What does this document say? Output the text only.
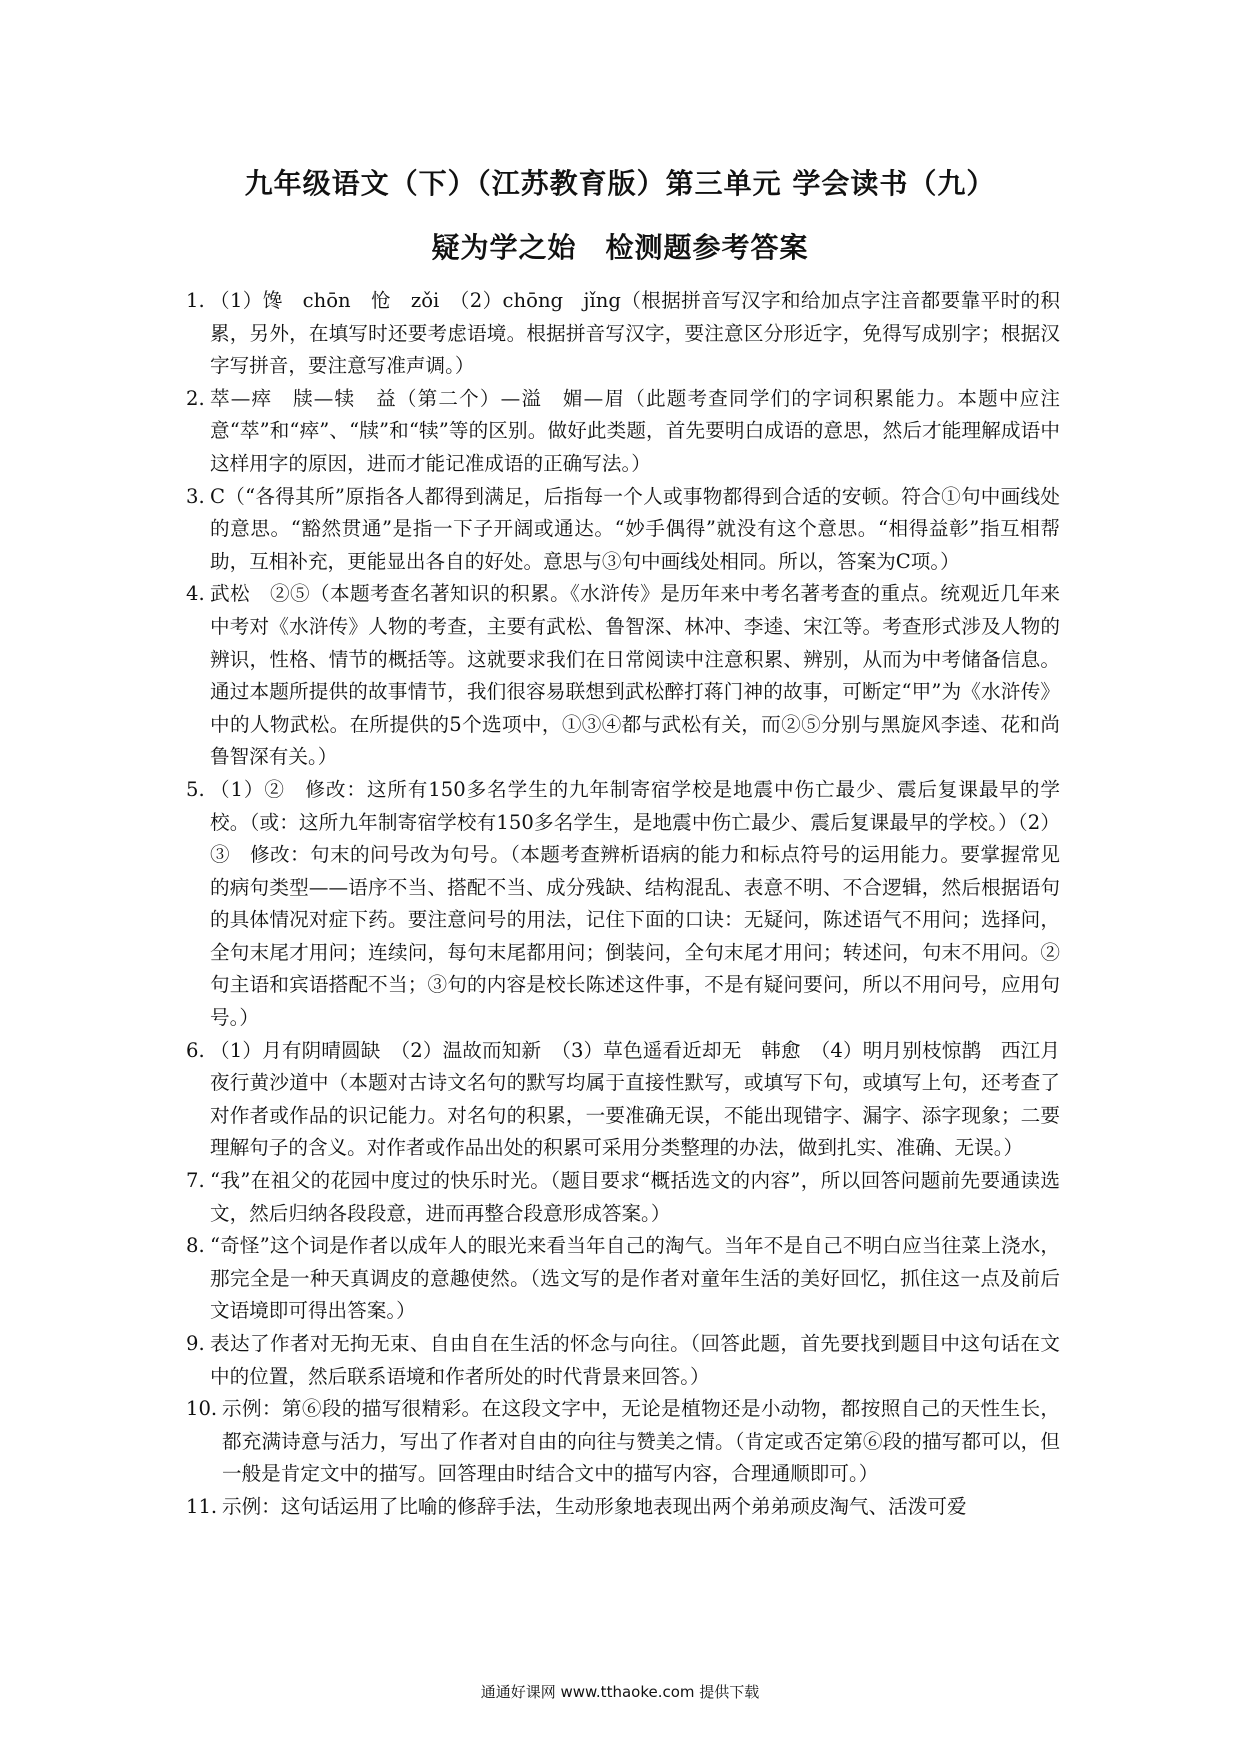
九年级语文（下）（江苏教育版）第三单元 学会读书（九）
疑为学之始　检测题参考答案
1. （1）馋　chōn　怆　zǒi　（2）chōng　jǐng（根据拼音写汉字和给加点字注音都要靠平时的积累，另外，在填写时还要考虑语境。根据拼音写汉字，要注意区分形近字，免得写成别字；根据汉字写拼音，要注意写准声调。）
2. 萃—瘁　牍—犊　益（第二个）—溢　媚—眉（此题考查同学们的字词积累能力。本题中应注意“萃”和“瘁”、“牍”和“犊”等的区别。做好此类题，首先要明白成语的意思，然后才能理解成语中这样用字的原因，进而才能记准成语的正确写法。）
3. C（“各得其所”原指各人都得到满足，后指每一个人或事物都得到合适的安顿。符合①句中画线处的意思。“豁然贯通”是指一下子开阔或通达。“妙手偶得”就没有这个意思。“相得益彰”指互相帮助，互相补充，更能显出各自的好处。意思与③句中画线处相同。所以，答案为C项。）
4. 武松　②⑤（本题考查名著知识的积累。《水浒传》是历年来中考名著考查的重点。统观近几年来中考对《水浒传》人物的考查，主要有武松、鲁智深、林冲、李逵、宋江等。考查形式涉及人物的辨识，性格、情节的概括等。这就要求我们在日常阅读中注意积累、辨别，从而为中考储备信息。通过本题所提供的故事情节，我们很容易联想到武松醉打蒋门神的故事，可断定“甲”为《水浒传》中的人物武松。在所提供的5个选项中，①③④都与武松有关，而②⑤分别与黑旋风李逵、花和尚鲁智深有关。）
5. （1）②　修改：这所有150多名学生的九年制寄宿学校是地震中伤亡最少、震后复课最早的学校。（或：这所九年制寄宿学校有150多名学生，是地震中伤亡最少、震后复课最早的学校。）（2）③　修改：句末的问号改为句号。（本题考查辨析语病的能力和标点符号的运用能力。要掌握常见的病句类型——语序不当、搭配不当、成分残缺、结构混乱、表意不明、不合逻辑，然后根据语句的具体情况对症下药。要注意问号的用法，记住下面的口诀：无疑问，陈述语气不用问；选择问，全句末尾才用问；连续问，每句末尾都用问；倒装问，全句末尾才用问；转述问，句末不用问。②句主语和宾语搭配不当；③句的内容是校长陈述这件事，不是有疑问要问，所以不用问号，应用句号。）
6. （1）月有阴晴圆缺　（2）温故而知新　（3）草色遥看近却无　韩愈　（4）明月别枝惊鹊　西江月　夜行黄沙道中（本题对古诗文名句的默写均属于直接性默写，或填写下句，或填写上句，还考查了对作者或作品的识记能力。对名句的积累，一要准确无误，不能出现错字、漏字、添字现象；二要理解句子的含义。对作者或作品出处的积累可采用分类整理的办法，做到扎实、准确、无误。）
7. “我”在祖父的花园中度过的快乐时光。（题目要求“概括选文的内容”，所以回答问题前先要通读选文，然后归纳各段段意，进而再整合段意形成答案。）
8. “奇怪”这个词是作者以成年人的眼光来看当年自己的淘气。当年不是自己不明白应当往菜上浇水，那完全是一种天真调皮的意趣使然。（选文写的是作者对童年生活的美好回忆，抓住这一点及前后文语境即可得出答案。）
9. 表达了作者对无拘无束、自由自在生活的怀念与向往。（回答此题，首先要找到题目中这句话在文中的位置，然后联系语境和作者所处的时代背景来回答。）
10. 示例：第⑥段的描写很精彩。在这段文字中，无论是植物还是小动物，都按照自己的天性生长，都充满诗意与活力，写出了作者对自由的向往与赞美之情。（肯定或否定第⑥段的描写都可以，但一般是肯定文中的描写。回答理由时结合文中的描写内容，合理通顺即可。）
11. 示例：这句话运用了比喻的修辞手法，生动形象地表现出两个弟弟顽皮淘气、活泼可爱
通通好课网 www.tthaoke.com 提供下载
